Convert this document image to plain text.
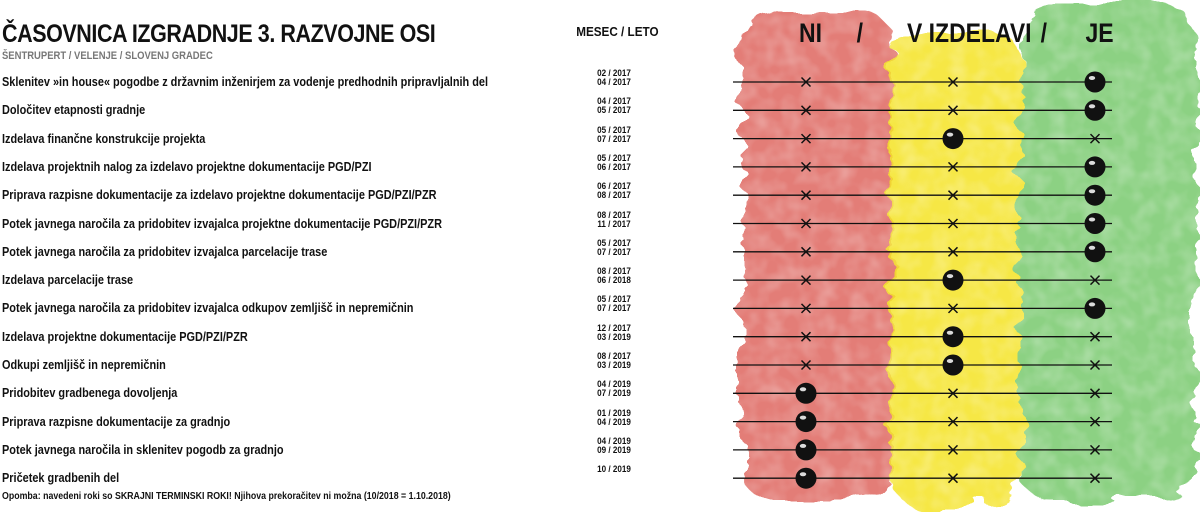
ČASOVNICA IZGRADNJE 3. RAZVOJNE OSI
ŠENTRUPERT / VELENJE / SLOVENJ GRADEC
MESEC / LETO	NI / V IZDELAVI / JE
Sklenitev »in house« pogodbe z državnim inženirjem za vodenje predhodnih pripravljalnih del
02 / 2017
04 / 2017
Določitev etapnosti gradnje
04 / 2017
05 / 2017
Izdelava finančne konstrukcije projekta
05 / 2017
07 / 2017
Izdelava projektnih nalog za izdelavo projektne dokumentacije PGD/PZI
05 / 2017
06 / 2017
Priprava razpisne dokumentacije za izdelavo projektne dokumentacije PGD/PZI/PZR
06 / 2017
08 / 2017
Potek javnega naročila za pridobitev izvajalca projektne dokumentacije PGD/PZI/PZR
08 / 2017
11 / 2017
Potek javnega naročila za pridobitev izvajalca parcelacije trase
05 / 2017
07 / 2017
Izdelava parcelacije trase
08 / 2017
06 / 2018
Potek javnega naročila za pridobitev izvajalca odkupov zemljišč in nepremičnin
05 / 2017
07 / 2017
Izdelava projektne dokumentacije PGD/PZI/PZR
12 / 2017
03 / 2019
Odkupi zemljišč in nepremičnin
08 / 2017
03 / 2019
Pridobitev gradbenega dovoljenja
04 / 2019
07 / 2019
Priprava razpisne dokumentacije za gradnjo
01 / 2019
04 / 2019
Potek javnega naročila in sklenitev pogodb za gradnjo
04 / 2019
09 / 2019
Pričetek gradbenih del
10 / 2019
Opomba: navedeni roki so SKRAJNI TERMINSKI ROKI! Njihova prekoračitev ni možna (10/2018 = 1.10.2018)
